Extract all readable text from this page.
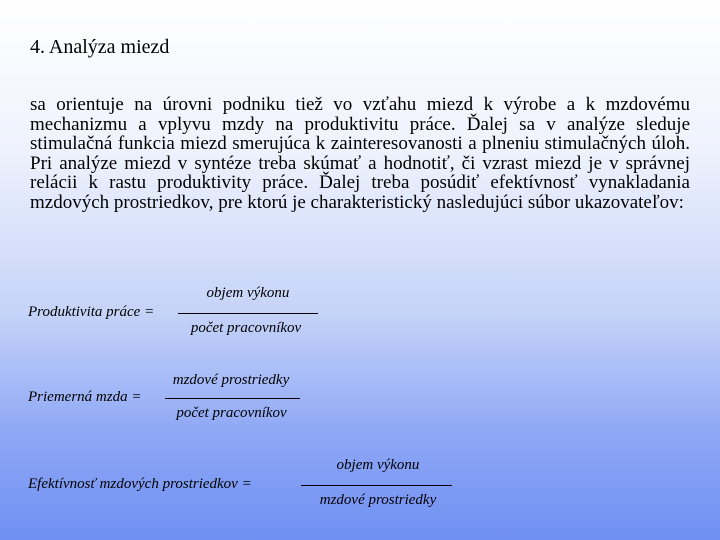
4. Analýza miezd

sa orientuje na úrovni podniku tiež vo vzťahu miezd k výrobe a k mzdovému mechanizmu a vplyvu mzdy na produktivitu práce. Ďalej sa v analýze sleduje stimulačná funkcia miezd smerujúca k zainteresovanosti a plneniu stimulačných úloh. Pri analýze miezd v syntéze treba skúmať a hodnotiť, či vzrast miezd je v správnej relácii k rastu produktivity práce. Ďalej treba posúdiť efektívnosť vynakladania mzdových prostriedkov, pre ktorú je charakteristický nasledujúci súbor ukazovateľov:

Produktivita práce =
objem výkonu
počet pracovníkov
Priemerná mzda =
mzdové prostriedky
počet pracovníkov
Efektívnosť mzdových prostriedkov =
objem výkonu
mzdové prostriedky
